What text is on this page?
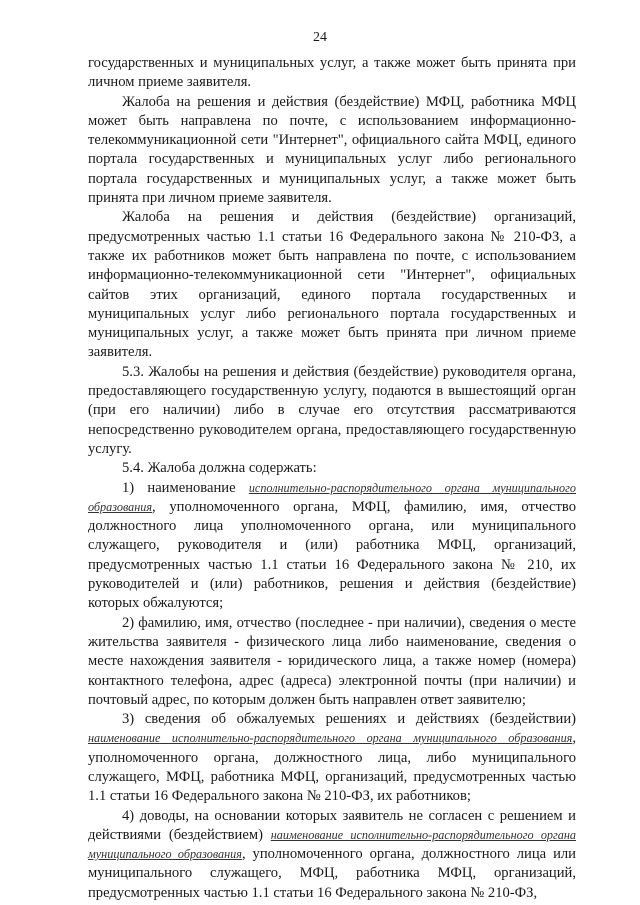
24

государственных и муниципальных услуг, а также может быть принята при личном приеме заявителя.

Жалоба на решения и действия (бездействие) МФЦ, работника МФЦ может быть направлена по почте, с использованием информационно-телекоммуникационной сети "Интернет", официального сайта МФЦ, единого портала государственных и муниципальных услуг либо регионального портала государственных и муниципальных услуг, а также может быть принята при личном приеме заявителя.

Жалоба на решения и действия (бездействие) организаций, предусмотренных частью 1.1 статьи 16 Федерального закона № 210-ФЗ, а также их работников может быть направлена по почте, с использованием информационно-телекоммуникационной сети "Интернет", официальных сайтов этих организаций, единого портала государственных и муниципальных услуг либо регионального портала государственных и муниципальных услуг, а также может быть принята при личном приеме заявителя.

5.3. Жалобы на решения и действия (бездействие) руководителя органа, предоставляющего государственную услугу, подаются в вышестоящий орган (при его наличии) либо в случае его отсутствия рассматриваются непосредственно руководителем органа, предоставляющего государственную услугу.

5.4. Жалоба должна содержать:

1) наименование исполнительно-распорядительного органа муниципального образования, уполномоченного органа, МФЦ, фамилию, имя, отчество должностного лица уполномоченного органа, или муниципального служащего, руководителя и (или) работника МФЦ, организаций, предусмотренных частью 1.1 статьи 16 Федерального закона № 210, их руководителей и (или) работников, решения и действия (бездействие) которых обжалуются;

2) фамилию, имя, отчество (последнее - при наличии), сведения о месте жительства заявителя - физического лица либо наименование, сведения о месте нахождения заявителя - юридического лица, а также номер (номера) контактного телефона, адрес (адреса) электронной почты (при наличии) и почтовый адрес, по которым должен быть направлен ответ заявителю;

3) сведения об обжалуемых решениях и действиях (бездействии) наименование исполнительно-распорядительного органа муниципального образования, уполномоченного органа, должностного лица, либо муниципального служащего, МФЦ, работника МФЦ, организаций, предусмотренных частью 1.1 статьи 16 Федерального закона № 210-ФЗ, их работников;

4) доводы, на основании которых заявитель не согласен с решением и действиями (бездействием) наименование исполнительно-распорядительного органа муниципального образования, уполномоченного органа, должностного лица или муниципального служащего, МФЦ, работника МФЦ, организаций, предусмотренных частью 1.1 статьи 16 Федерального закона № 210-ФЗ,
